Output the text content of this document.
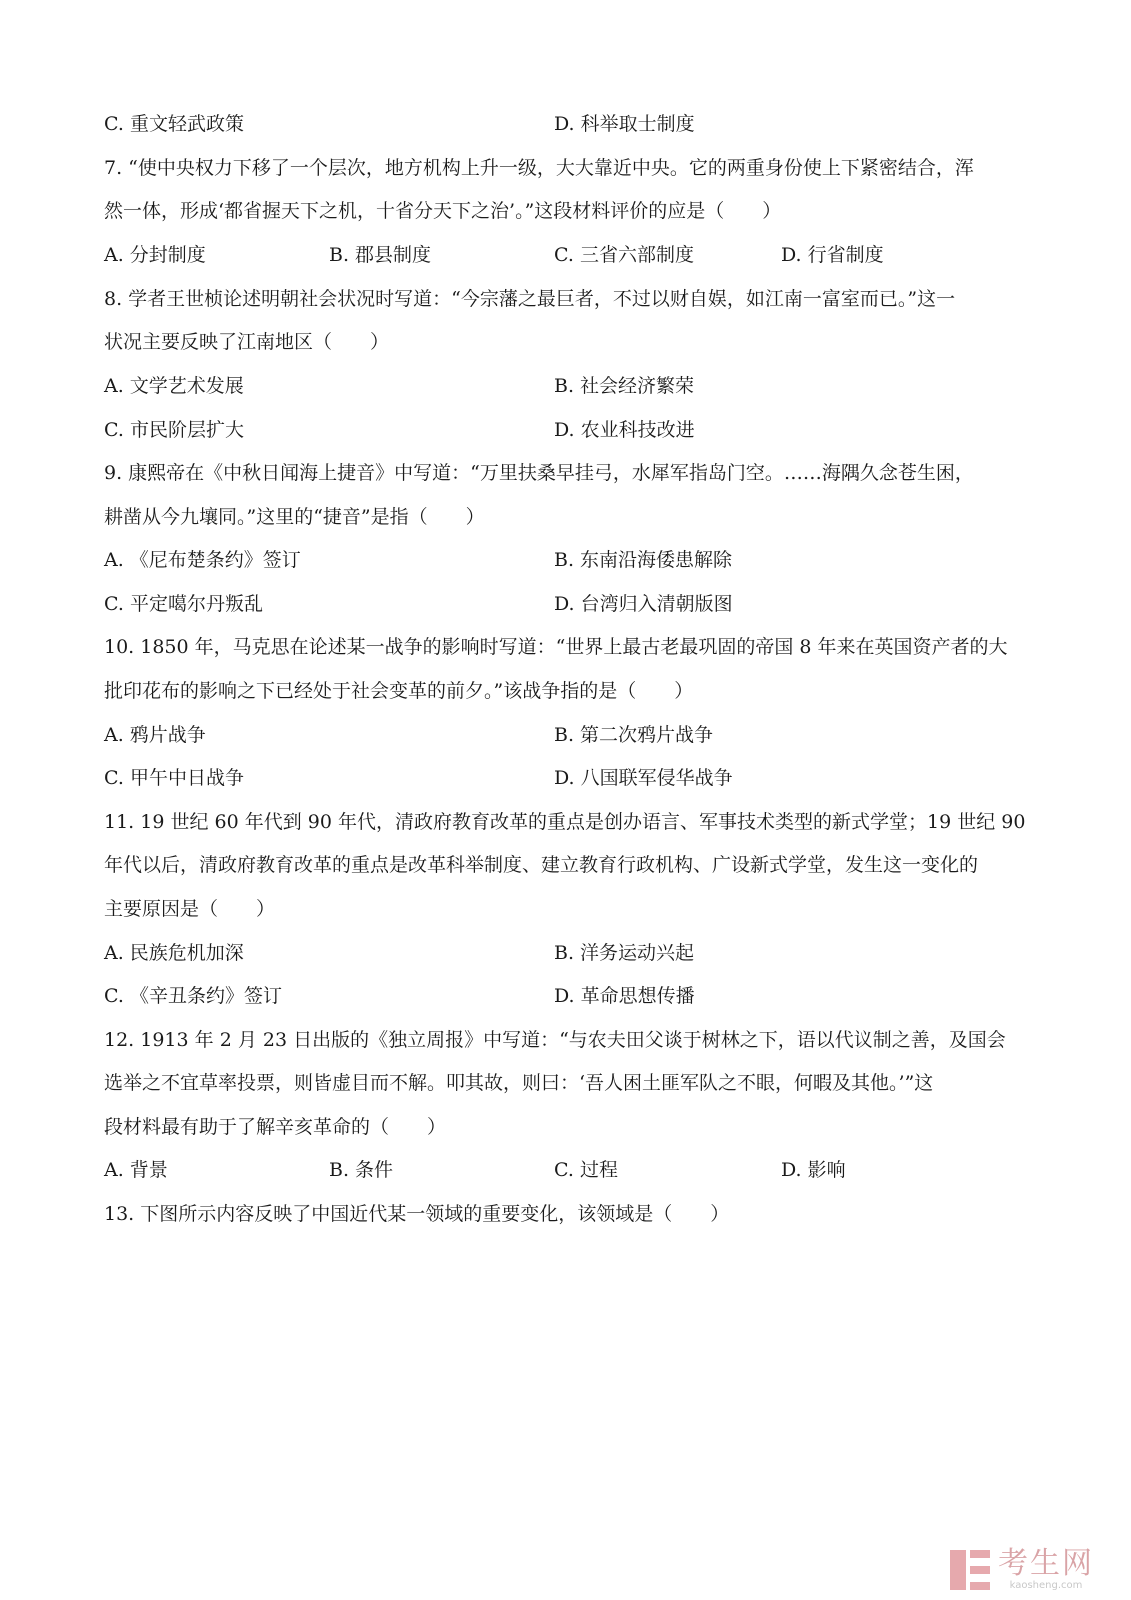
C. 重文轻武政策	D. 科举取士制度
7. “使中央权力下移了一个层次，地方机构上升一级，大大靠近中央。它的两重身份使上下紧密结合，浑
然一体，形成‘都省握天下之机，十省分天下之治’。”这段材料评价的应是（　　）
A. 分封制度	B. 郡县制度	C. 三省六部制度	D. 行省制度
8. 学者王世桢论述明朝社会状况时写道：“今宗藩之最巨者，不过以财自娱，如江南一富室而已。”这一
状况主要反映了江南地区（　　）
A. 文学艺术发展	B. 社会经济繁荣
C. 市民阶层扩大	D. 农业科技改进
9. 康熙帝在《中秋日闻海上捷音》中写道：“万里扶桑早挂弓，水犀军指岛门空。……海隅久念苍生困，
耕凿从今九壤同。”这里的“捷音”是指（　　）
A. 《尼布楚条约》签订	B. 东南沿海倭患解除
C. 平定噶尔丹叛乱	D. 台湾归入清朝版图
10. 1850 年，马克思在论述某一战争的影响时写道：“世界上最古老最巩固的帝国 8 年来在英国资产者的大
批印花布的影响之下已经处于社会变革的前夕。”该战争指的是（　　）
A. 鸦片战争	B. 第二次鸦片战争
C. 甲午中日战争	D. 八国联军侵华战争
11. 19 世纪 60 年代到 90 年代，清政府教育改革的重点是创办语言、军事技术类型的新式学堂；19 世纪 90
年代以后，清政府教育改革的重点是改革科举制度、建立教育行政机构、广设新式学堂，发生这一变化的
主要原因是（　　）
A. 民族危机加深	B. 洋务运动兴起
C. 《辛丑条约》签订	D. 革命思想传播
12. 1913 年 2 月 23 日出版的《独立周报》中写道：“与农夫田父谈于树林之下，语以代议制之善，及国会
选举之不宜草率投票，则皆虚目而不解。叩其故，则曰：‘吾人困土匪军队之不眼，何暇及其他。’”这
段材料最有助于了解辛亥革命的（　　）
A. 背景	B. 条件	C. 过程	D. 影响
13. 下图所示内容反映了中国近代某一领域的重要变化，该领域是（　　）
考生网
kaosheng.com
